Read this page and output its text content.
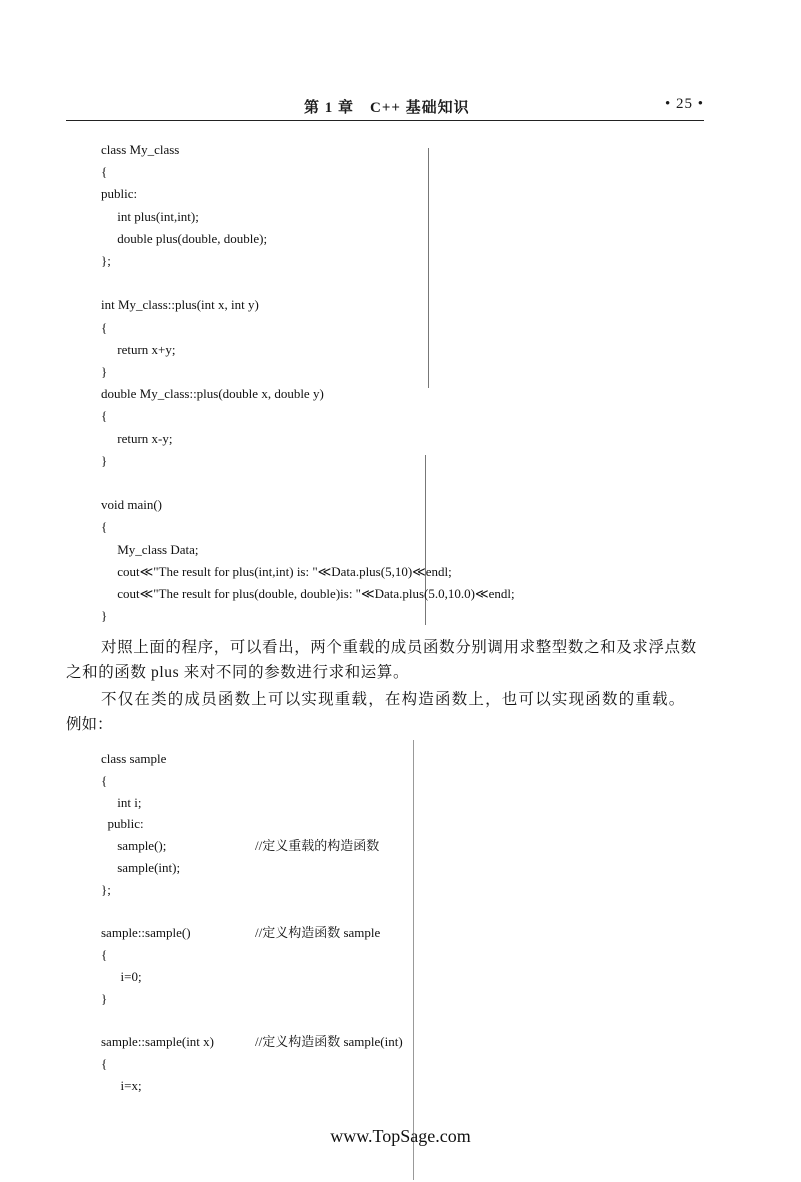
第 1 章　C++ 基础知识	• 25 •
class My_class
{
public:
int plus(int,int);
double plus(double, double);
};
int My_class::plus(int x, int y)
{
return x+y;
}
double My_class::plus(double x, double y)
{
return x-y;
}
void main()
{
My_class Data;
cout≪"The result for plus(int,int) is: "≪Data.plus(5,10)≪endl;
cout≪"The result for plus(double, double)is: "≪Data.plus(5.0,10.0)≪endl;
}
对照上面的程序，可以看出，两个重载的成员函数分别调用求整型数之和及求浮点数
之和的函数 plus 来对不同的参数进行求和运算。
不仅在类的成员函数上可以实现重载，在构造函数上，也可以实现函数的重载。
例如：
class sample
{
int i;
public:
sample();	//定义重载的构造函数
sample(int);
};
sample::sample()	//定义构造函数 sample
{
i=0;
}
sample::sample(int x)	//定义构造函数 sample(int)
{
i=x;
www.TopSage.com
